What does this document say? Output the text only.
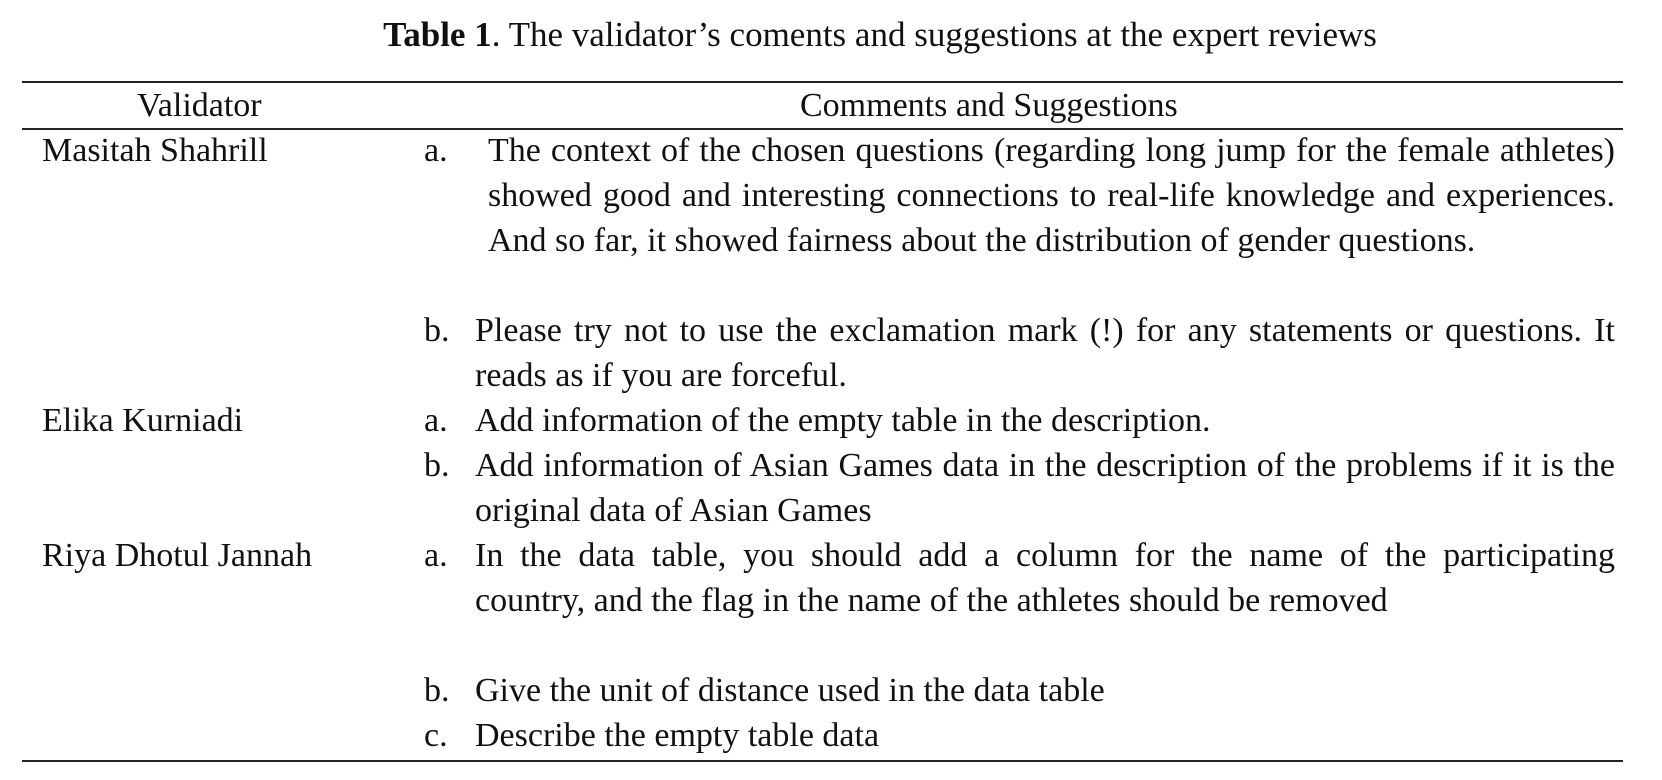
Table 1. The validator’s coments and suggestions at the expert reviews
Validator	Comments and Suggestions
Masitah Shahrill	a. The context of the chosen questions (regarding long jump for the female athletes) showed good and interesting connections to real-life knowledge and experiences. And so far, it showed fairness about the distribution of gender questions.
b. Please try not to use the exclamation mark (!) for any statements or questions. It reads as if you are forceful.
Elika Kurniadi	a. Add information of the empty table in the description.
b. Add information of Asian Games data in the description of the problems if it is the original data of Asian Games
Riya Dhotul Jannah	a. In the data table, you should add a column for the name of the participating country, and the flag in the name of the athletes should be removed
b. Give the unit of distance used in the data table
c. Describe the empty table data
